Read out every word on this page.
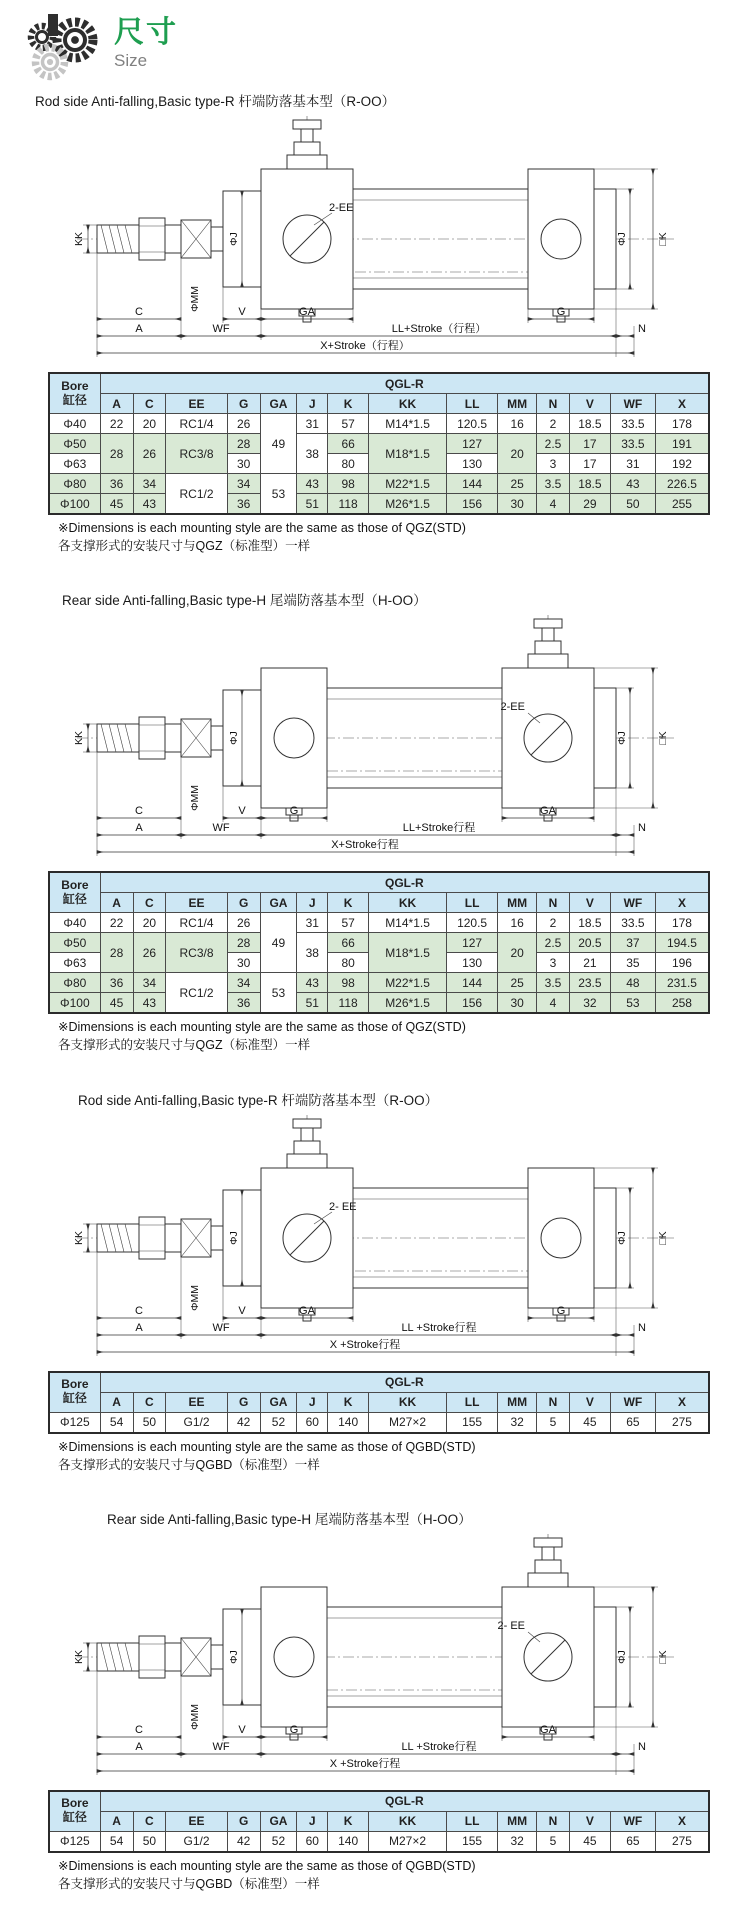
尺寸
Size
Rod side Anti-falling,Basic type-R 杆端防落基本型（R-OO）
2-EE
KK
ΦMM
ΦJ	ΦJ	□K
C	V	GA	G
A	WF	LL+Stroke（行程）	N
X+Stroke（行程）
Bore
缸径	QGL-R													
	A	C	EE	G	GA	J	K	KK	LL	MM	N	V	WF	X
Φ40	22	20	RC1/4	26	49	31	57	M14*1.5	120.5	16	2	18.5	33.5	178
Φ50	28	26	RC3/8	28		38	66	M18*1.5	127	20	2.5	17	33.5	191
Φ63				30			80		130		3	17	31	192
Φ80	36	34	RC1/2	34	53	43	98	M22*1.5	144	25	3.5	18.5	43	226.5
Φ100	45	43		36		51	118	M26*1.5	156	30	4	29	50	255
※Dimensions is each mounting style are the same as those of QGZ(STD)
各支撑形式的安装尺寸与QGZ（标准型）一样
Rear side Anti-falling,Basic type-H 尾端防落基本型（H-OO）
2-EE
KK
ΦMM
ΦJ	ΦJ	□K
C	V	G	GA
A	WF	LL+Stroke行程	N
X+Stroke行程
Bore
缸径	QGL-R													
	A	C	EE	G	GA	J	K	KK	LL	MM	N	V	WF	X
Φ40	22	20	RC1/4	26	49	31	57	M14*1.5	120.5	16	2	18.5	33.5	178
Φ50	28	26	RC3/8	28		38	66	M18*1.5	127	20	2.5	20.5	37	194.5
Φ63				30			80		130		3	21	35	196
Φ80	36	34	RC1/2	34	53	43	98	M22*1.5	144	25	3.5	23.5	48	231.5
Φ100	45	43		36		51	118	M26*1.5	156	30	4	32	53	258
※Dimensions is each mounting style are the same as those of QGZ(STD)
各支撑形式的安装尺寸与QGZ（标准型）一样
Rod side Anti-falling,Basic type-R 杆端防落基本型（R-OO）
2- EE
KK
ΦMM
ΦJ	ΦJ	□K
C	V	GA	G
A	WF	LL +Stroke行程	N
X +Stroke行程
Bore
缸径	QGL-R													
	A	C	EE	G	GA	J	K	KK	LL	MM	N	V	WF	X
Φ125	54	50	G1/2	42	52	60	140	M27×2	155	32	5	45	65	275
※Dimensions is each mounting style are the same as those of QGBD(STD)
各支撑形式的安装尺寸与QGBD（标准型）一样
Rear side Anti-falling,Basic type-H 尾端防落基本型（H-OO）
2- EE
KK
ΦMM
ΦJ	ΦJ	□K
C	V	G	GA
A	WF	LL +Stroke行程	N
X +Stroke行程
Bore
缸径	QGL-R													
	A	C	EE	G	GA	J	K	KK	LL	MM	N	V	WF	X
Φ125	54	50	G1/2	42	52	60	140	M27×2	155	32	5	45	65	275
※Dimensions is each mounting style are the same as those of QGBD(STD)
各支撑形式的安装尺寸与QGBD（标准型）一样
